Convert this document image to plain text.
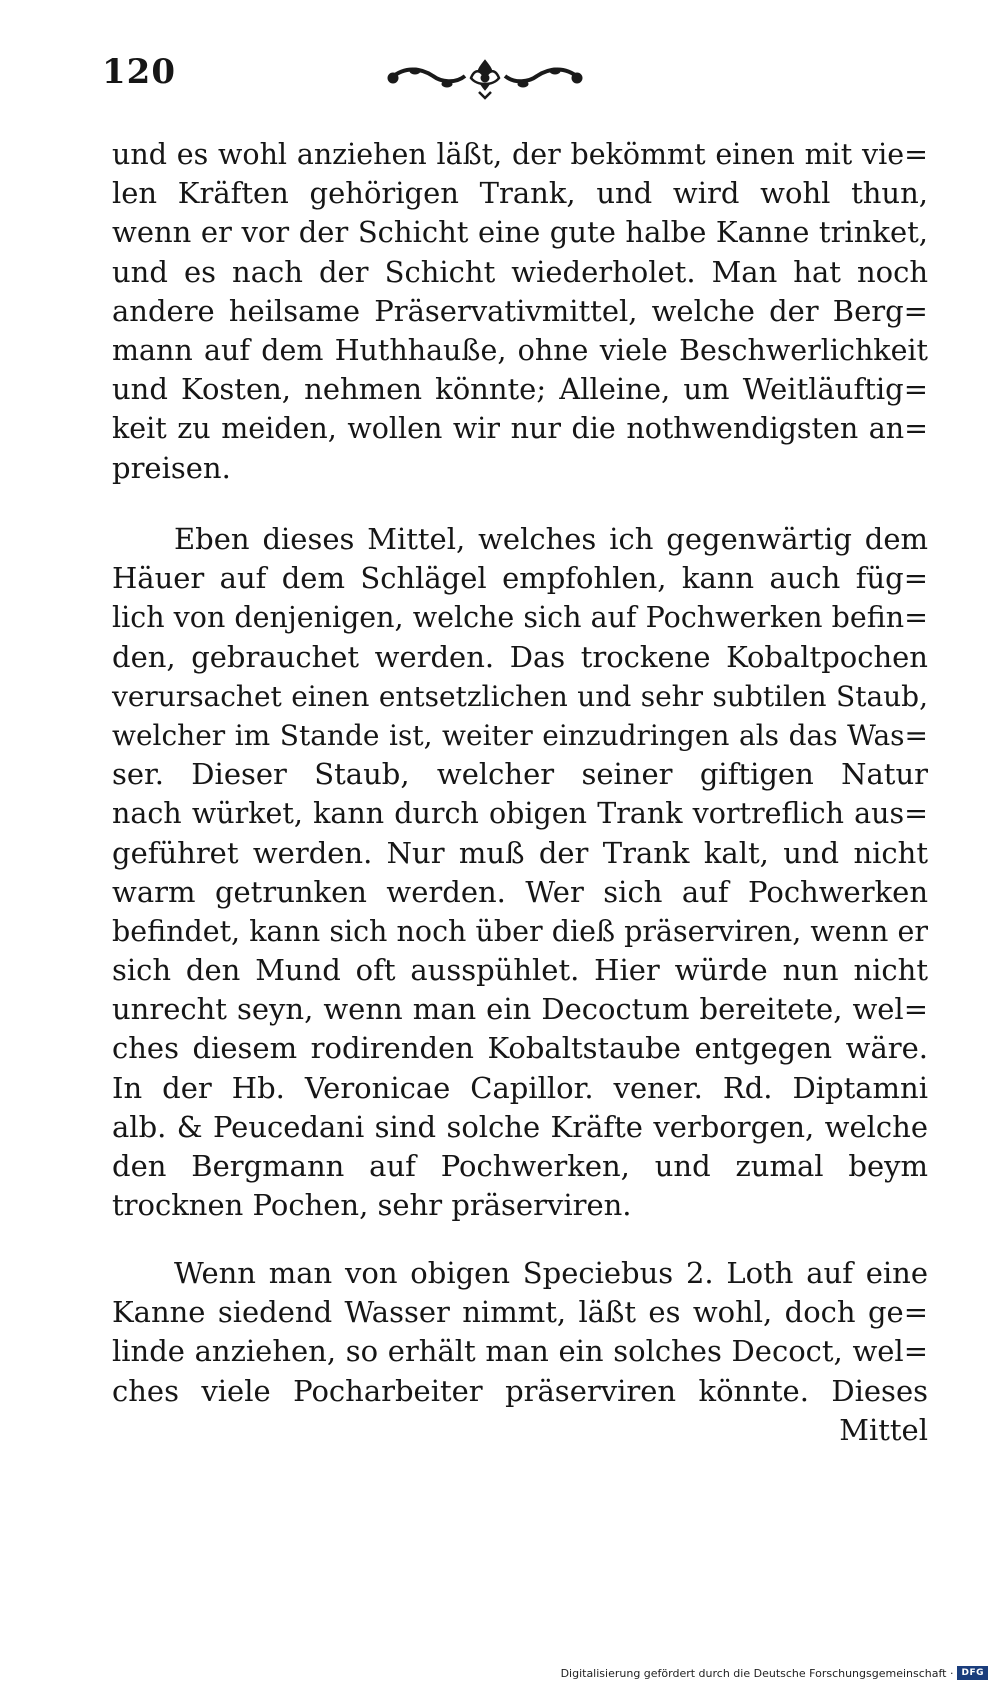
120
und es wohl anziehen läßt, der bekömmt einen mit vie=
len Kräften gehörigen Trank, und wird wohl thun,
wenn er vor der Schicht eine gute halbe Kanne trinket,
und es nach der Schicht wiederholet. Man hat noch
andere heilsame Präservativmittel, welche der Berg=
mann auf dem Huthhauße, ohne viele Beschwerlichkeit
und Kosten, nehmen könnte; Alleine, um Weitläuftig=
keit zu meiden, wollen wir nur die nothwendigsten an=
preisen.
Eben dieses Mittel, welches ich gegenwärtig dem
Häuer auf dem Schlägel empfohlen, kann auch füg=
lich von denjenigen, welche sich auf Pochwerken befin=
den, gebrauchet werden. Das trockene Kobaltpochen
verursachet einen entsetzlichen und sehr subtilen Staub,
welcher im Stande ist, weiter einzudringen als das Was=
ser. Dieser Staub, welcher seiner giftigen Natur
nach würket, kann durch obigen Trank vortreflich aus=
geführet werden. Nur muß der Trank kalt, und nicht
warm getrunken werden. Wer sich auf Pochwerken
befindet, kann sich noch über dieß präserviren, wenn er
sich den Mund oft ausspühlet. Hier würde nun nicht
unrecht seyn, wenn man ein Decoctum bereitete, wel=
ches diesem rodirenden Kobaltstaube entgegen wäre.
In der Hb. Veronicae Capillor. vener. Rd. Diptamni
alb. & Peucedani sind solche Kräfte verborgen, welche
den Bergmann auf Pochwerken, und zumal beym
trocknen Pochen, sehr präserviren.
Wenn man von obigen Speciebus 2. Loth auf eine
Kanne siedend Wasser nimmt, läßt es wohl, doch ge=
linde anziehen, so erhält man ein solches Decoct, wel=
ches viele Pocharbeiter präserviren könnte. Dieses
Mittel
Digitalisierung gefördert durch die Deutsche Forschungsgemeinschaft · DFG
